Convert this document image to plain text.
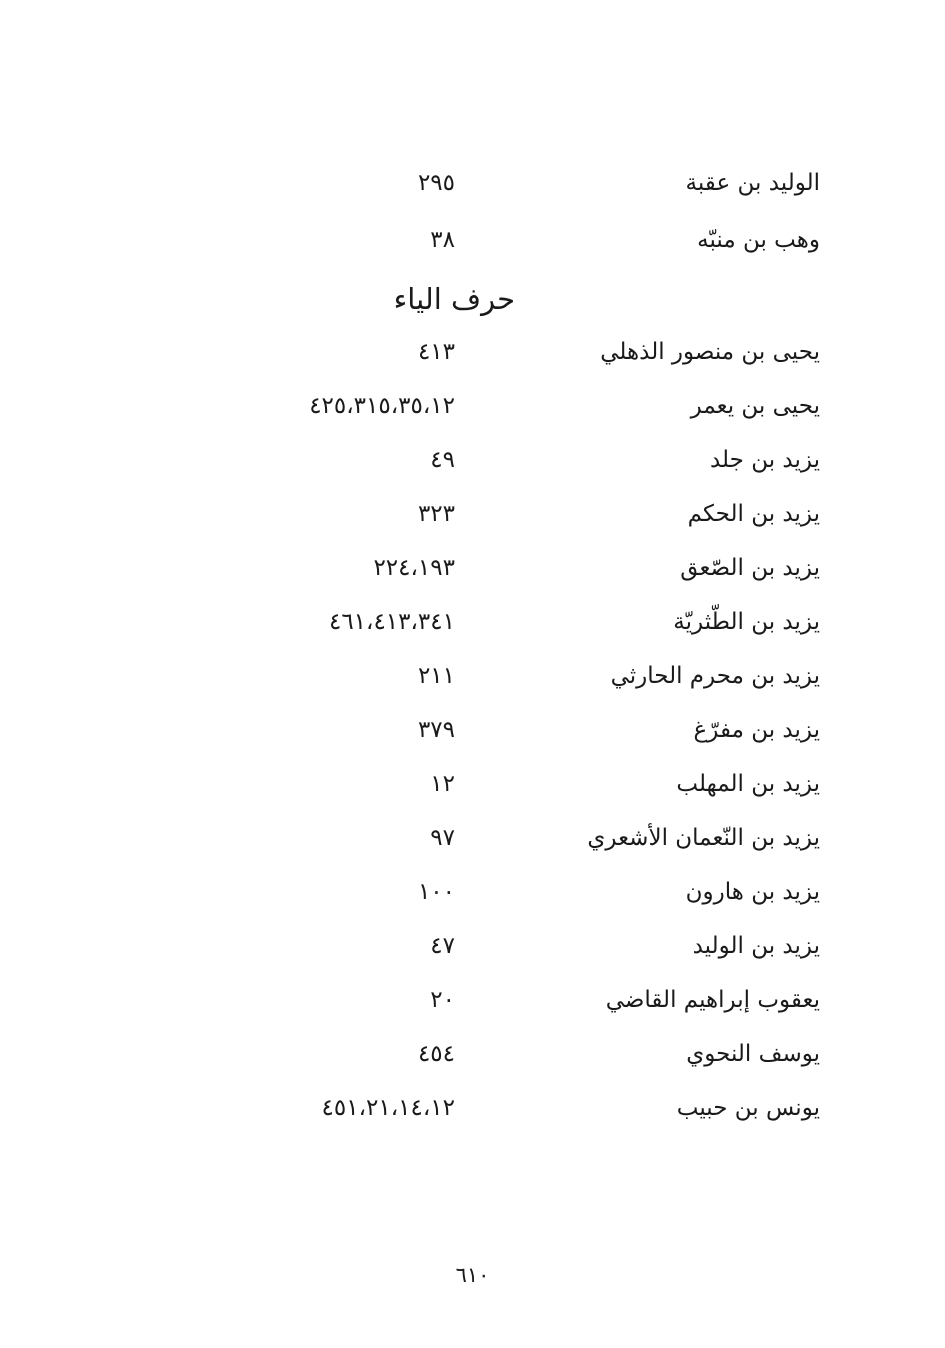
الوليد بن عقبة
٢٩٥
وهب بن منبّه
٣٨
حرف الياء
يحيى بن منصور الذهلي
٤١٣
يحيى بن يعمر
٤٢٥،٣١٥،٣٥،١٢
يزيد بن جلد
٤٩
يزيد بن الحكم
٣٢٣
يزيد بن الصّعق
٢٢٤،١٩٣
يزيد بن الطّثريّة
٤٦١،٤١٣،٣٤١
يزيد بن محرم الحارثي
٢١١
يزيد بن مفرّغ
٣٧٩
يزيد بن المهلب
١٢
يزيد بن النّعمان الأشعري
٩٧
يزيد بن هارون
١٠٠
يزيد بن الوليد
٤٧
يعقوب إبراهيم القاضي
٢٠
يوسف النحوي
٤٥٤
يونس بن حبيب
٤٥١،٢١،١٤،١٢
٦١٠
